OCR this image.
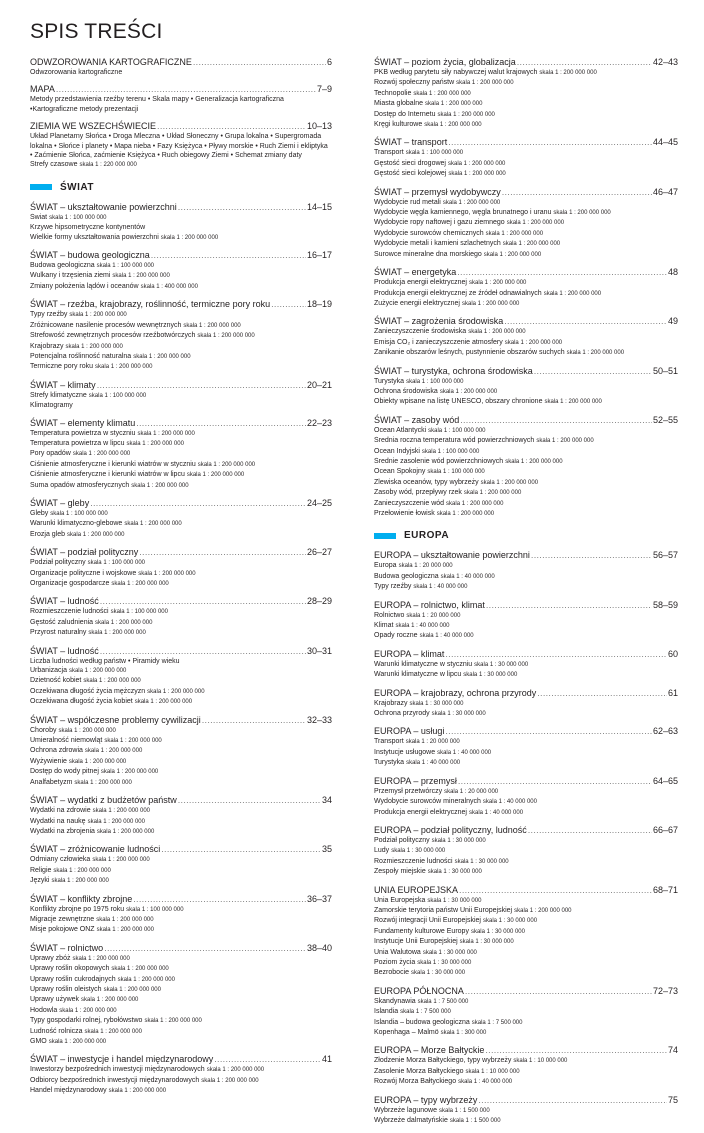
SPIS TREŚCI
ODWZOROWANIA KARTOGRAFICZNE .....	6
Odwzorowania kartograficzne
MAPA .....	7–9
Metody przedstawienia rzeźby terenu • Skala mapy • Generalizacja kartograficzna •Kartograficzne metody prezentacji
ZIEMIA WE WSZECHŚWIECIE .....	10–13
Układ Planetarny Słońca • Droga Mleczna • Układ Słoneczny • Grupa lokalna • Supergromada lokalna • Słońce i planety • Mapa nieba • Fazy Księżyca • Pływy morskie • Ruch Ziemi i ekliptyka • Zaćmienie Słońca, zaćmienie Księżyca • Ruch obiegowy Ziemi • Schemat zmiany daty
Strefy czasowe skala 1 : 220 000 000
ŚWIAT
ŚWIAT – ukształtowanie powierzchni .....	14–15
Świat skala 1 : 100 000 000
Krzywe hipsometryczne kontynentów
Wielkie formy ukształtowania powierzchni skala 1 : 200 000 000
ŚWIAT – budowa geologiczna .....	16–17
Budowa geologiczna skala 1 : 100 000 000
Wulkany i trzęsienia ziemi skala 1 : 200 000 000
Zmiany położenia lądów i oceanów skala 1 : 400 000 000
ŚWIAT – rzeźba, krajobrazy, roślinność, termiczne pory roku .....	18–19
Typy rzeźby skala 1 : 200 000 000
Zróżnicowane nasilenie procesów wewnętrznych skala 1 : 200 000 000
Strefowość zewnętrznych procesów rzeźbotwórczych skala 1 : 200 000 000
Krajobrazy skala 1 : 200 000 000
Potencjalna roślinność naturalna skala 1 : 200 000 000
Termiczne pory roku skala 1 : 200 000 000
ŚWIAT – klimaty .....	20–21
Strefy klimatyczne skala 1 : 100 000 000
Klimatogramy
ŚWIAT – elementy klimatu .....	22–23
Temperatura powietrza w styczniu skala 1 : 200 000 000
Temperatura powietrza w lipcu skala 1 : 200 000 000
Pory opadów skala 1 : 200 000 000
Ciśnienie atmosferyczne i kierunki wiatrów w styczniu skala 1 : 200 000 000
Ciśnienie atmosferyczne i kierunki wiatrów w lipcu skala 1 : 200 000 000
Suma opadów atmosferycznych skala 1 : 200 000 000
ŚWIAT – gleby .....	24–25
Gleby skala 1 : 100 000 000
Warunki klimatyczno-glebowe skala 1 : 200 000 000
Erozja gleb skala 1 : 200 000 000
ŚWIAT – podział polityczny .....	26–27
Podział polityczny skala 1 : 100 000 000
Organizacje polityczne i wojskowe skala 1 : 200 000 000
Organizacje gospodarcze skala 1 : 200 000 000
ŚWIAT – ludność .....	28–29
Rozmieszczenie ludności skala 1 : 100 000 000
Gęstość zaludnienia skala 1 : 200 000 000
Przyrost naturalny skala 1 : 200 000 000
ŚWIAT – ludność .....	30–31
Liczba ludności według państw • Piramidy wieku
Urbanizacja skala 1 : 200 000 000
Dzietność kobiet skala 1 : 200 000 000
Oczekiwana długość życia mężczyzn skala 1 : 200 000 000
Oczekiwana długość życia kobiet skala 1 : 200 000 000
ŚWIAT – współczesne problemy cywilizacji .....	32–33
Choroby skala 1 : 200 000 000
Umieralność niemowląt skala 1 : 200 000 000
Ochrona zdrowia skala 1 : 200 000 000
Wyżywienie skala 1 : 200 000 000
Dostęp do wody pitnej skala 1 : 200 000 000
Analfabetyzm skala 1 : 200 000 000
ŚWIAT – wydatki z budżetów państw .....	34
Wydatki na zdrowie skala 1 : 200 000 000
Wydatki na naukę skala 1 : 200 000 000
Wydatki na zbrojenia skala 1 : 200 000 000
ŚWIAT – zróżnicowanie ludności .....	35
Odmiany człowieka skala 1 : 200 000 000
Religie skala 1 : 200 000 000
Języki skala 1 : 200 000 000
ŚWIAT – konflikty zbrojne .....	36–37
Konflikty zbrojne po 1975 roku skala 1 : 100 000 000
Migracje zewnętrzne skala 1 : 200 000 000
Misje pokojowe ONZ skala 1 : 200 000 000
ŚWIAT – rolnictwo .....	38–40
Uprawy zbóż skala 1 : 200 000 000
Uprawy roślin okopowych skala 1 : 200 000 000
Uprawy roślin cukrodajnych skala 1 : 200 000 000
Uprawy roślin oleistych skala 1 : 200 000 000
Uprawy używek skala 1 : 200 000 000
Hodowla skala 1 : 200 000 000
Typy gospodarki rolnej, rybołówstwo skala 1 : 200 000 000
Ludność rolnicza skala 1 : 200 000 000
GMO skala 1 : 200 000 000
ŚWIAT – inwestycje i handel międzynarodowy .....	41
Inwestorzy bezpośrednich inwestycji międzynarodowych skala 1 : 200 000 000
Odbiorcy bezpośrednich inwestycji międzynarodowych skala 1 : 200 000 000
Handel międzynarodowy skala 1 : 200 000 000
ŚWIAT – poziom życia, globalizacja .....	42–43
PKB według parytetu siły nabywczej walut krajowych skala 1 : 200 000 000
Rozwój społeczny państw skala 1 : 200 000 000
Technopolie skala 1 : 200 000 000
Miasta globalne skala 1 : 200 000 000
Dostęp do Internetu skala 1 : 200 000 000
Kręgi kulturowe skala 1 : 200 000 000
ŚWIAT – transport .....	44–45
Transport skala 1 : 100 000 000
Gęstość sieci drogowej skala 1 : 200 000 000
Gęstość sieci kolejowej skala 1 : 200 000 000
ŚWIAT – przemysł wydobywczy .....	46–47
Wydobycie rud metali skala 1 : 200 000 000
Wydobycie węgla kamiennego, węgla brunatnego i uranu skala 1 : 200 000 000
Wydobycie ropy naftowej i gazu ziemnego skala 1 : 200 000 000
Wydobycie surowców chemicznych skala 1 : 200 000 000
Wydobycie metali i kamieni szlachetnych skala 1 : 200 000 000
Surowce mineralne dna morskiego skala 1 : 200 000 000
ŚWIAT – energetyka .....	48
Produkcja energii elektrycznej skala 1 : 200 000 000
Produkcja energii elektrycznej ze źródeł odnawialnych skala 1 : 200 000 000
Zużycie energii elektrycznej skala 1 : 200 000 000
ŚWIAT – zagrożenia środowiska .....	49
Zanieczyszczenie środowiska skala 1 : 200 000 000
Emisja CO₂ i zanieczyszczenie atmosfery skala 1 : 200 000 000
Zanikanie obszarów leśnych, pustynnienie obszarów suchych skala 1 : 200 000 000
ŚWIAT – turystyka, ochrona środowiska .....	50–51
Turystyka skala 1 : 100 000 000
Ochrona środowiska skala 1 : 200 000 000
Obiekty wpisane na listę UNESCO, obszary chronione skala 1 : 200 000 000
ŚWIAT – zasoby wód .....	52–55
Ocean Atlantycki skala 1 : 100 000 000
Średnia roczna temperatura wód powierzchniowych skala 1 : 200 000 000
Ocean Indyjski skala 1 : 100 000 000
Średnie zasolenie wód powierzchniowych skala 1 : 200 000 000
Ocean Spokojny skala 1 : 100 000 000
Zlewiska oceanów, typy wybrzeży skala 1 : 200 000 000
Zasoby wód, przepływy rzek skala 1 : 200 000 000
Zanieczyszczenie wód skala 1 : 200 000 000
Przełowienie łowisk skala 1 : 200 000 000
EUROPA
EUROPA – ukształtowanie powierzchni .....	56–57
Europa skala 1 : 20 000 000
Budowa geologiczna skala 1 : 40 000 000
Typy rzeźby skala 1 : 40 000 000
EUROPA – rolnictwo, klimat .....	58–59
Rolnictwo skala 1 : 20 000 000
Klimat skala 1 : 40 000 000
Opady roczne skala 1 : 40 000 000
EUROPA – klimat .....	60
Warunki klimatyczne w styczniu skala 1 : 30 000 000
Warunki klimatyczne w lipcu skala 1 : 30 000 000
EUROPA – krajobrazy, ochrona przyrody .....	61
Krajobrazy skala 1 : 30 000 000
Ochrona przyrody skala 1 : 30 000 000
EUROPA – usługi .....	62–63
Transport skala 1 : 20 000 000
Instytucje usługowe skala 1 : 40 000 000
Turystyka skala 1 : 40 000 000
EUROPA – przemysł .....	64–65
Przemysł przetwórczy skala 1 : 20 000 000
Wydobycie surowców mineralnych skala 1 : 40 000 000
Produkcja energii elektrycznej skala 1 : 40 000 000
EUROPA – podział polityczny, ludność .....	66–67
Podział polityczny skala 1 : 30 000 000
Ludy skala 1 : 30 000 000
Rozmieszczenie ludności skala 1 : 30 000 000
Zespoły miejskie skala 1 : 30 000 000
UNIA EUROPEJSKA .....	68–71
Unia Europejska skala 1 : 30 000 000
Zamorskie terytoria państw Unii Europejskiej skala 1 : 200 000 000
Rozwój integracji Unii Europejskiej skala 1 : 30 000 000
Fundamenty kulturowe Europy skala 1 : 30 000 000
Instytucje Unii Europejskiej skala 1 : 30 000 000
Unia Walutowa skala 1 : 30 000 000
Poziom życia skala 1 : 30 000 000
Bezrobocie skala 1 : 30 000 000
EUROPA PÓŁNOCNA .....	72–73
Skandynawia skala 1 : 7 500 000
Islandia skala 1 : 7 500 000
Islandia – budowa geologiczna skala 1 : 7 500 000
Kopenhaga – Malmö skala 1 : 300 000
EUROPA – Morze Bałtyckie .....	74
Złodzenie Morza Bałtyckiego, typy wybrzeży skala 1 : 10 000 000
Zasolenie Morza Bałtyckiego skala 1 : 10 000 000
Rozwój Morza Bałtyckiego skala 1 : 40 000 000
EUROPA – typy wybrzeży .....	75
Wybrzeże lagunowe skala 1 : 1 500 000
Wybrzeże dalmatyńskie skala 1 : 1 500 000
